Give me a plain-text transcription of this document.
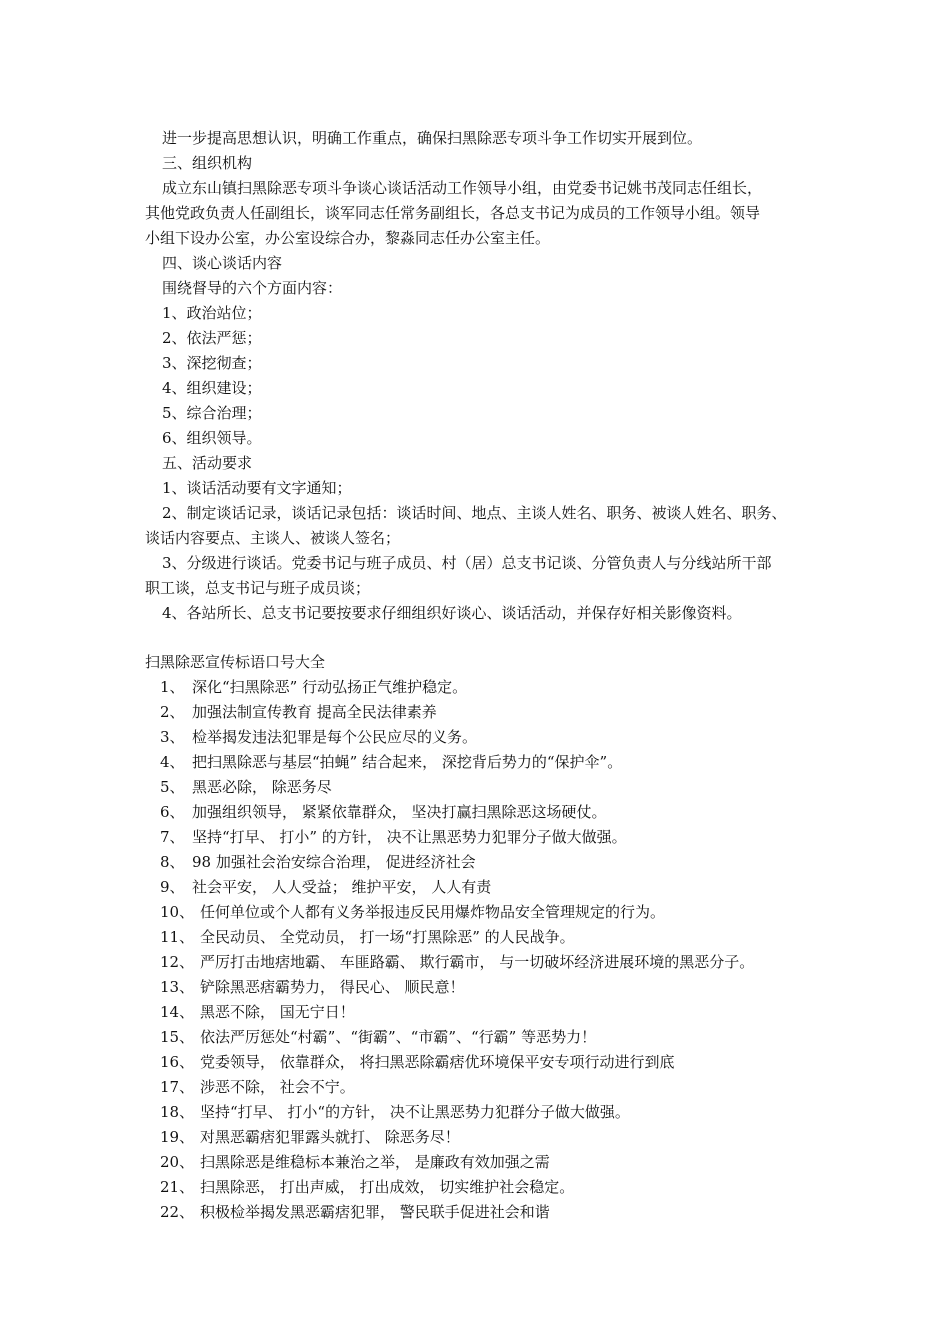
进一步提高思想认识，明确工作重点，确保扫黑除恶专项斗争工作切实开展到位。
三、组织机构
成立东山镇扫黑除恶专项斗争谈心谈话活动工作领导小组，由党委书记姚书茂同志任组长，
其他党政负责人任副组长，谈军同志任常务副组长，各总支书记为成员的工作领导小组。领导
小组下设办公室，办公室设综合办，黎淼同志任办公室主任。
四、谈心谈话内容
围绕督导的六个方面内容：
1、政治站位；
2、依法严惩；
3、深挖彻查；
4、组织建设；
5、综合治理；
6、组织领导。
五、活动要求
1、谈话活动要有文字通知；
2、制定谈话记录，谈话记录包括：谈话时间、地点、主谈人姓名、职务、被谈人姓名、职务、
谈话内容要点、主谈人、被谈人签名；
3、分级进行谈话。党委书记与班子成员、村（居）总支书记谈、分管负责人与分线站所干部
职工谈，总支书记与班子成员谈；
4、各站所长、总支书记要按要求仔细组织好谈心、谈话活动，并保存好相关影像资料。
扫黑除恶宣传标语口号大全
1、 深化“扫黑除恶” 行动弘扬正气维护稳定。
2、 加强法制宣传教育 提高全民法律素养
3、 检举揭发违法犯罪是每个公民应尽的义务。
4、 把扫黑除恶与基层“拍蝇” 结合起来， 深挖背后势力的“保护伞”。
5、 黑恶必除， 除恶务尽
6、 加强组织领导， 紧紧依靠群众， 坚决打赢扫黑除恶这场硬仗。
7、 坚持“打早、 打小” 的方针， 决不让黑恶势力犯罪分子做大做强。
8、 98 加强社会治安综合治理， 促进经济社会
9、 社会平安， 人人受益； 维护平安， 人人有责
10、 任何单位或个人都有义务举报违反民用爆炸物品安全管理规定的行为。
11、 全民动员、 全党动员， 打一场“打黑除恶” 的人民战争。
12、 严厉打击地痞地霸、 车匪路霸、 欺行霸市， 与一切破坏经济进展环境的黑恶分子。
13、 铲除黑恶痞霸势力， 得民心、 顺民意！
14、 黑恶不除， 国无宁日！
15、 依法严厉惩处“村霸”、“街霸”、“市霸”、“行霸” 等恶势力！
16、 党委领导， 依靠群众， 将扫黑恶除霸痞优环境保平安专项行动进行到底
17、 涉恶不除， 社会不宁。
18、 坚持“打早、 打小“的方针， 决不让黑恶势力犯群分子做大做强。
19、 对黑恶霸痞犯罪露头就打、 除恶务尽！
20、 扫黑除恶是维稳标本兼治之举， 是廉政有效加强之需
21、 扫黑除恶， 打出声威， 打出成效， 切实维护社会稳定。
22、 积极检举揭发黑恶霸痞犯罪， 警民联手促进社会和谐
